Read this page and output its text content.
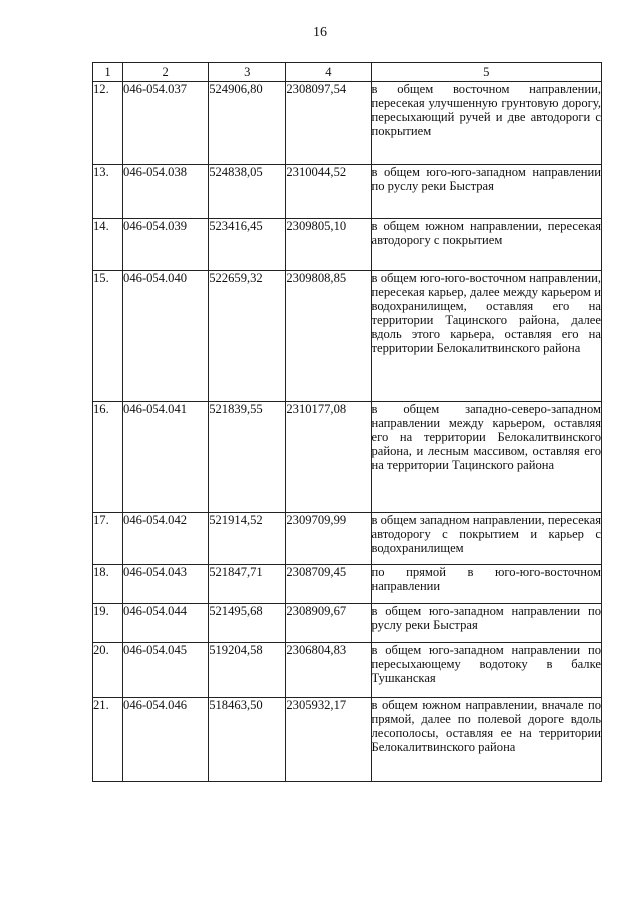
16
1	2	3	4	5
12.	046-054.037	524906,80	2308097,54	в общем восточном направлении, пересекая улучшенную грунтовую дорогу, пересыхающий ручей и две автодороги с покрытием
13.	046-054.038	524838,05	2310044,52	в общем юго-юго-западном направлении по руслу реки Быстрая
14.	046-054.039	523416,45	2309805,10	в общем южном направлении, пересекая автодорогу с покрытием
15.	046-054.040	522659,32	2309808,85	в общем юго-юго-восточном направлении, пересекая карьер, далее между карьером и водохранилищем, оставляя его на территории Тацинского района, далее вдоль этого карьера, оставляя его на территории Белокалитвинского района
16.	046-054.041	521839,55	2310177,08	в общем западно-северо-западном направлении между карьером, оставляя его на территории Белокалитвинского района, и лесным массивом, оставляя его на территории Тацинского района
17.	046-054.042	521914,52	2309709,99	в общем западном направлении, пересекая автодорогу с покрытием и карьер с водохранилищем
18.	046-054.043	521847,71	2308709,45	по прямой в юго-юго-восточном направлении
19.	046-054.044	521495,68	2308909,67	в общем юго-западном направлении по руслу реки Быстрая
20.	046-054.045	519204,58	2306804,83	в общем юго-западном направлении по пересыхающему водотоку в балке Тушканская
21.	046-054.046	518463,50	2305932,17	в общем южном направлении, вначале по прямой, далее по полевой дороге вдоль лесополосы, оставляя ее на территории Белокалитвинского района
